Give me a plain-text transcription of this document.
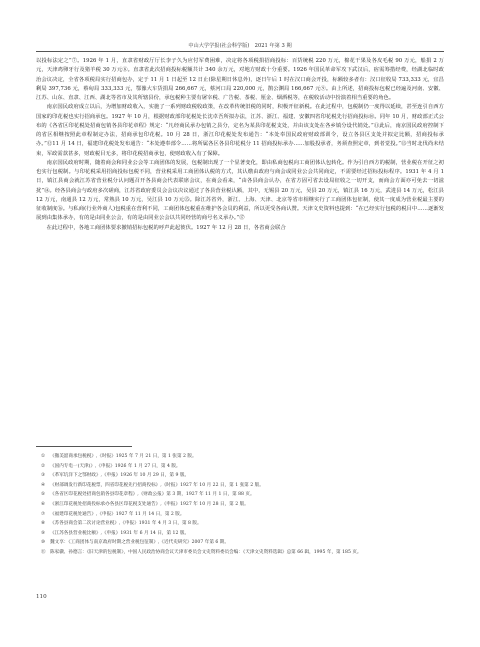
中山大学学报(社会科学版)　2021 年第 3 期

以投标法定之”⑦。1926 年 1 月，直隶省财政厅厅长李子久为应付军费困难，决定将各项税捐招商投标：百货统税 220 万元，棉花干果及各皮毛税 90 万元，船捐 2 万元，天津鸡卵牙行及猪羊税 30 万元⑧。直隶省此次招商投标税额共计 340 余万元，对地方财政十分重要。1926 年国民革命军攻下武汉后，宿需筹措经费，经湖北临时政治会议决定，全省各项税局实行招商包办，定于 11 月 1 日起至 12 日止(除星期日休息外)，逐日午后 1 时在汉口商会开投，标额较多者有：汉口征收局 733,333 元，宜昌剩局 397,736 元，蔡甸局 333,333 元，鄂豫大车货捐局 266,667 元，蔡河口局 220,000 元，鹊公渊局 166,667 元⑨。由上所述，招商投标包税已经遍及河南、安徽、江苏、山东、直隶、江西、湖北等省市及其所辖县份，承包税种主要有屠宰税、广告税、茶税、厘金、烟酒税等，在税收活动中扮演着相当重要的角色。

南京国民政府成立以后，为增加财政收入，实施了一系列财政税收政策，在改革传统旧税的同时，积极开征新税。在此过程中，包税制仍一度得以延续，甚至连引自西方国家的印花税也实行招商承包。1927 年 10 月，根据财政部印花税处长沈卓吾所拟办法，江苏、浙江、福建、安徽四省印花税先行招商投标⑩。同年 10 月，财政部正式公布的《各省区印花税处招商包销各县印花章程》规定：“凡经商民承办包销之县分，定名为某县印花税支处，并由该支处在各乡镇分设代销处。”⑪此后，南京国民政府控制下的省区相继按照此章程制定办法，招商承包印花税。10 月 28 日，浙江印花税处发布通告：“本处奉国民政府财政部训令，设立各县区支处并拟定比额，招商投标承办。”⑫11 月 14 日，福建印花税处发布通告：“本处遵奉部令……将所属各区各县印花税分 11 招商投标承办……加股投承者，务须查照定章，到者觉投。”⑬当时北伐尚未结束，军政需款甚多，财政税目无多，将印花税招商承包，使财政收入有了保障。

南京国民政府时期，随着商会和同业公会等工商团体的发展，包税制出现了一个显著变化，即由私商包税向工商团体认包转化。作为引自西方的税制，营业税在开征之初也实行包税制。与印花税采用招商投标包税不同，营业税采用工商团体认税的方式，其认缴由政府与商会或同业公会共同商定，不需要经过招标投标程序。1931 年 4 月 1 日，镇江县商会就江苏省营业税分认问题召开各县商会代表联席会议，在商会看来，“由各县商会认办，在省方固可省去设局征收之一切开支，而商会方面亦可免去一切滋扰”⑭。经各县商会与政府多次磋商，江苏省政府委员会会议决议通过了各县营业税认额，其中，无锡县 20 万元，吴县 20 万元，镇江县 16 万元，武进县 14 万元，松江县 12 万元，南通县 12 万元，常熟县 10 万元，吴江县 10 万元⑮。除江苏省外，浙江、上海、天津、北京等省市相继实行了工商团体包征制，使其一度成为营业税最主要的征收制度⑯。与私商(行业外商人)包税重在营利不同，工商团体包税重在维护各会员的利益，所以更受各商认赞。天津文史资料也提到：“在已经实行包税的税目中……逐渐发展到由集体承办，有的是由同业公会，有的是由同业公会以共同经营的商号名义承办。”⑰

在此过程中，各地工商团体要求撤销招标包税的呼声此起彼伏。1927 年 12 月 28 日，各省商会联合

① 《撤美韶商承包税税》,《时报》1925 年 7 月 21 日，第 1 张第 2 版。
② 《国内专电一(天津)》,《申报》1926 年 1 月 27 日，第 4 版。
③ 《革军坑洋下之鄂财政》,《申报》1926 年 10 月 29 日，第 9 版。
④ 《财部调发行新印花税票，四省印花税先行招商投标》,《时报》1927 年 10 月 22 日，第 1 张第 2 版。
⑤ 《各省区印花税处招商包销各县印花章程》,《财政公报》第 3 期，1927 年 11 月 1 日，第 88 页。
⑥ 《浙江印花税处招商投标承办各县区印花税支处通告》,《申报》1927 年 10 月 28 日，第 2 版。
⑦ 《福建印花税处通告》,《申报》1927 年 11 月 14 日，第 2 版。
⑧ 《苏各县商会第二次讨论营业税》,《申报》1931 年 4 月 3 日，第 8 版。
⑨ 《江苏各县营业税比额》,《申报》1931 年 6 月 14 日，第 12 版。
⑩ 魏文享：《工商团体与南京政府时期之营业税包征制》,《近代史研究》2007 年第 6 期。
⑪ 陈家骥、孙德言：《旧天津的包税制》，中国人民政治协商会议天津市委员会文史资料委员会编：《天津文史资料选辑》总第 66 辑，1995 年，第 185 页。
110
